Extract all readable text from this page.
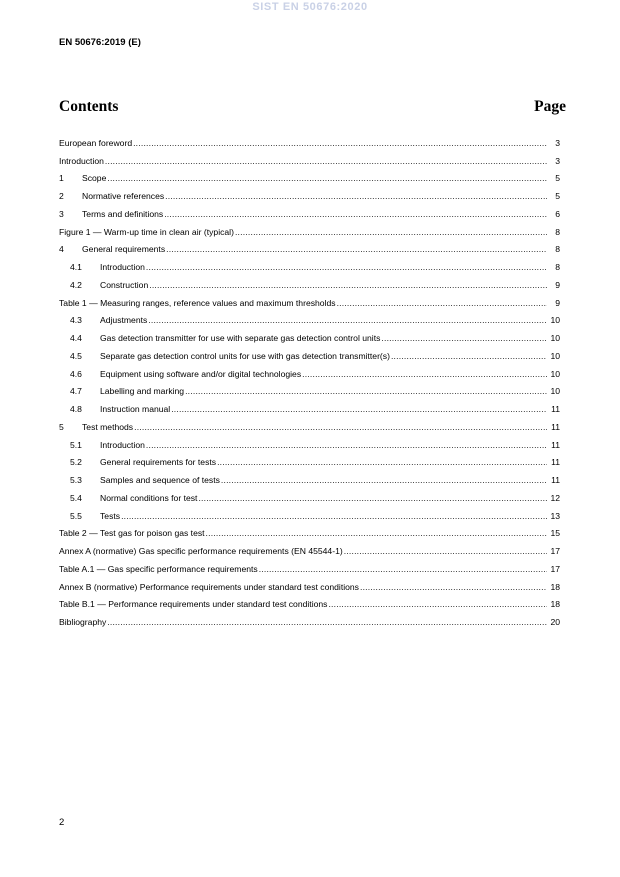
SIST EN 50676:2020
EN 50676:2019 (E)
Contents	Page
European foreword .....	3
Introduction .....	3
1	Scope .....	5
2	Normative references .....	5
3	Terms and definitions .....	6
Figure 1 — Warm-up time in clean air (typical) .....	8
4	General requirements .....	8
4.1	Introduction .....	8
4.2	Construction .....	9
Table 1 — Measuring ranges, reference values and maximum thresholds .....	9
4.3	Adjustments .....	10
4.4	Gas detection transmitter for use with separate gas detection control units .....	10
4.5	Separate gas detection control units for use with gas detection transmitter(s) .....	10
4.6	Equipment using software and/or digital technologies .....	10
4.7	Labelling and marking .....	10
4.8	Instruction manual .....	11
5	Test methods .....	11
5.1	Introduction .....	11
5.2	General requirements for tests .....	11
5.3	Samples and sequence of tests .....	11
5.4	Normal conditions for test .....	12
5.5	Tests .....	13
Table 2 — Test gas for poison gas test .....	15
Annex A (normative) Gas specific performance requirements (EN 45544-1) .....	17
Table A.1 — Gas specific performance requirements .....	17
Annex B (normative) Performance requirements under standard test conditions .....	18
Table B.1 — Performance requirements under standard test conditions .....	18
Bibliography .....	20
2
